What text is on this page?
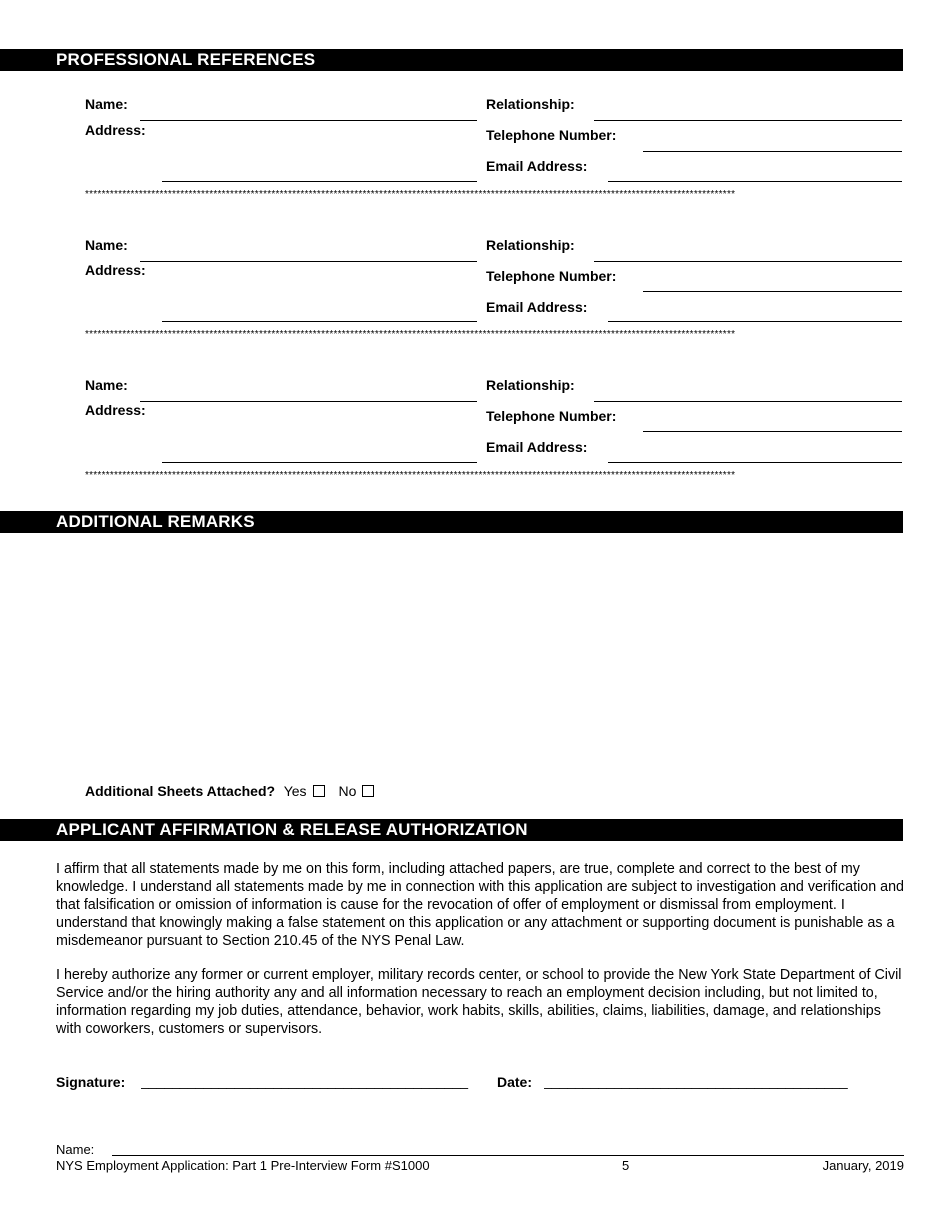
PROFESSIONAL REFERENCES
Name:
Address:
Relationship:
Telephone Number:
Email Address:
*************************************************************************************************************************************************************
Name:
Address:
Relationship:
Telephone Number:
Email Address:
*************************************************************************************************************************************************************
Name:
Address:
Relationship:
Telephone Number:
Email Address:
*************************************************************************************************************************************************************
ADDITIONAL REMARKS
Additional Sheets Attached? Yes No
APPLICANT AFFIRMATION & RELEASE AUTHORIZATION

I affirm that all statements made by me on this form, including attached papers, are true, complete and correct to the best of my knowledge. I understand all statements made by me in connection with this application are subject to investigation and verification and that falsification or omission of information is cause for the revocation of offer of employment or dismissal from employment. I understand that knowingly making a false statement on this application or any attachment or supporting document is punishable as a misdemeanor pursuant to Section 210.45 of the NYS Penal Law.

I hereby authorize any former or current employer, military records center, or school to provide the New York State Department of Civil Service and/or the hiring authority any and all information necessary to reach an employment decision including, but not limited to, information regarding my job duties, attendance, behavior, work habits, skills, abilities, claims, liabilities, damage, and relationships with coworkers, customers or supervisors.

Signature: __________________________________________	Date: _______________________________________
Name:
NYS Employment Application: Part 1 Pre-Interview Form #S1000	5	January, 2019
